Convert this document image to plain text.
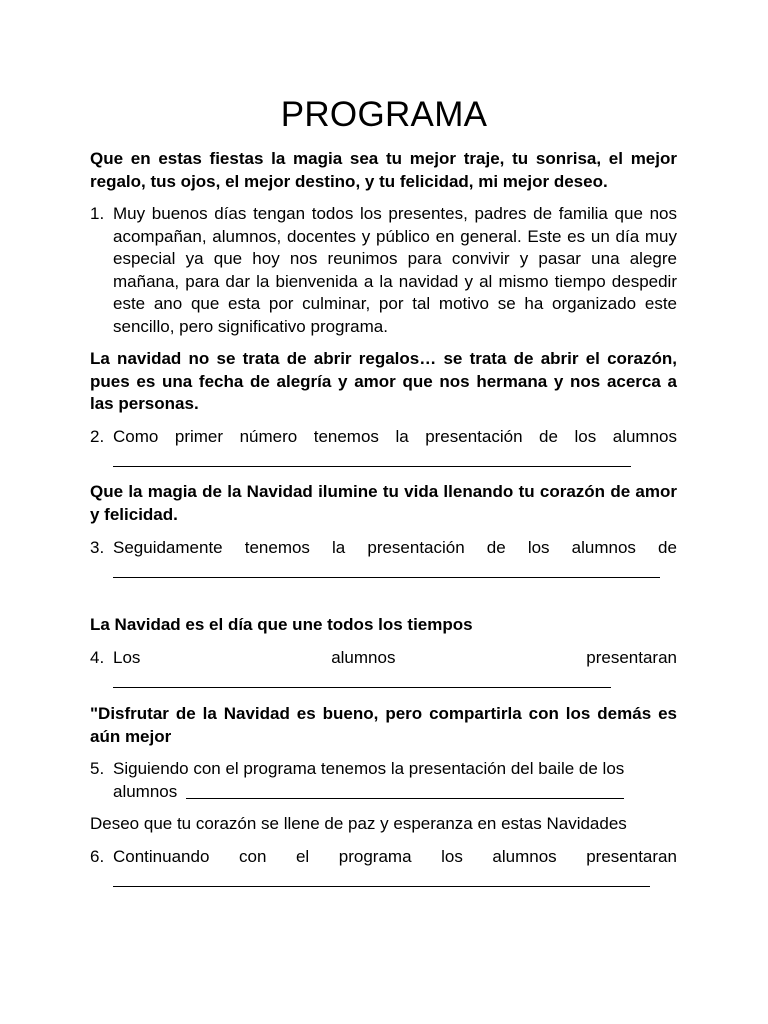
PROGRAMA
Que en estas fiestas la magia sea tu mejor traje, tu sonrisa, el mejor regalo, tus ojos, el mejor destino, y tu felicidad, mi mejor deseo.
1. Muy buenos días tengan todos los presentes, padres de familia que nos acompañan, alumnos, docentes y público en general. Este es un día muy especial ya que hoy nos reunimos para convivir y pasar una alegre mañana, para dar la bienvenida a la navidad y al mismo tiempo despedir este ano que esta por culminar, por tal motivo se ha organizado este sencillo, pero significativo programa.
La navidad no se trata de abrir regalos… se trata de abrir el corazón, pues es una fecha de alegría y amor que nos hermana y nos acerca a las personas.
2. Como primer número tenemos la presentación de los alumnos
Que la magia de la Navidad ilumine tu vida llenando tu corazón de amor y felicidad.
3. Seguidamente tenemos la presentación de los alumnos de
La Navidad es el día que une todos los tiempos
4. Los	alumnos	presentaran
"Disfrutar de la Navidad es bueno, pero compartirla con los demás es aún mejor
5. Siguiendo con el programa tenemos la presentación del baile de los
alumnos
Deseo que tu corazón se llene de paz y esperanza en estas Navidades
6. Continuando con el programa los alumnos presentaran
